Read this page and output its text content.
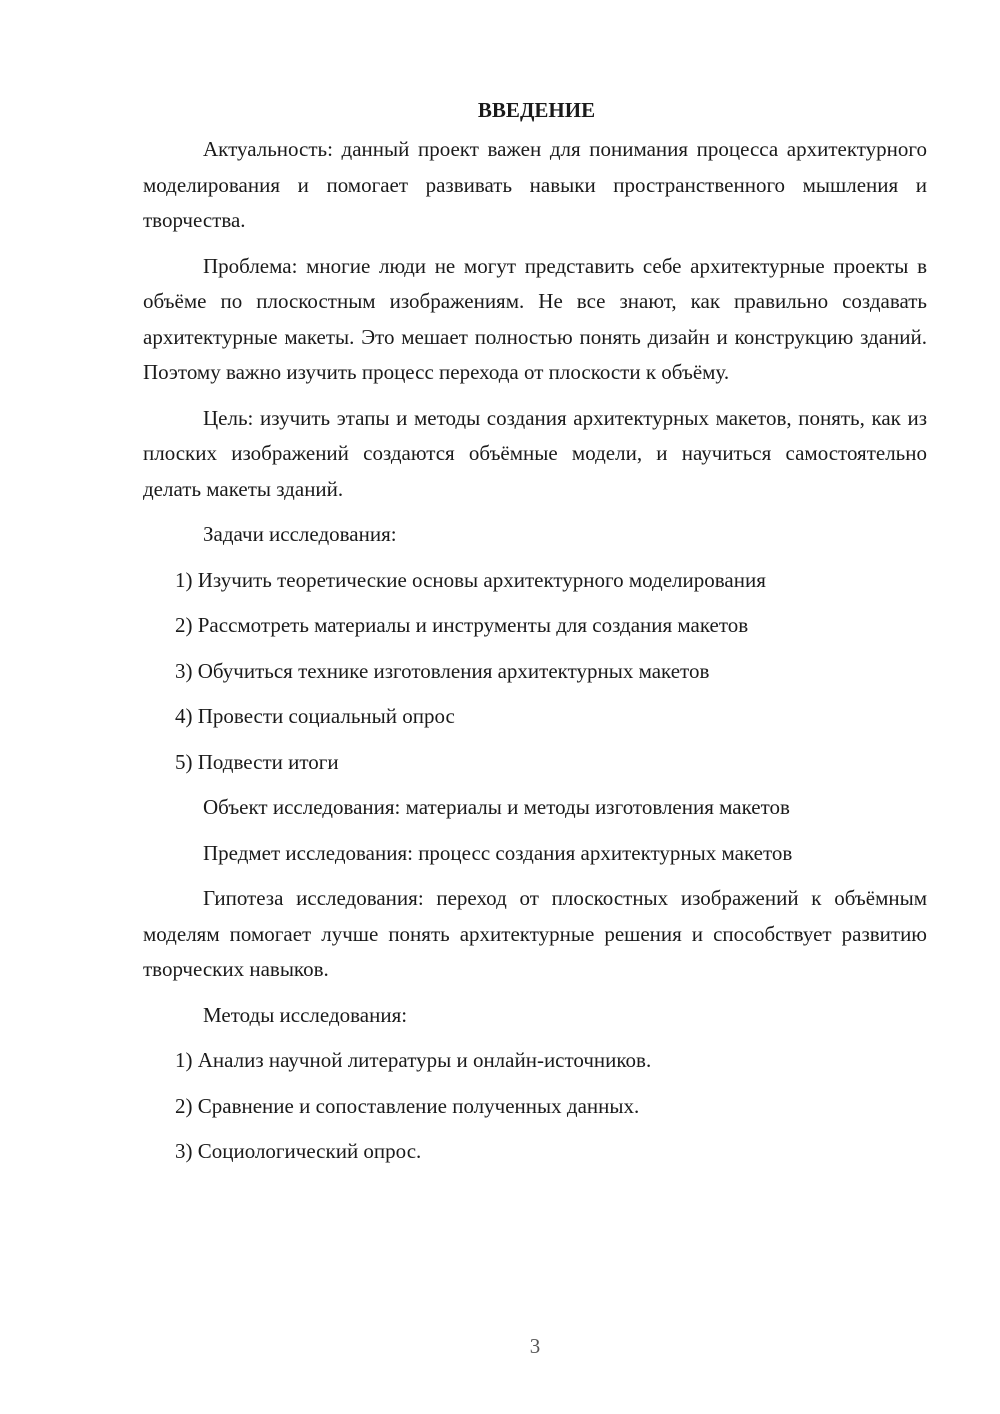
ВВЕДЕНИЕ

Актуальность: данный проект важен для понимания процесса архитектурного моделирования и помогает развивать навыки пространственного мышления и творчества.

Проблема: многие люди не могут представить себе архитектурные проекты в объёме по плоскостным изображениям. Не все знают, как правильно создавать архитектурные макеты. Это мешает полностью понять дизайн и конструкцию зданий. Поэтому важно изучить процесс перехода от плоскости к объёму.

Цель: изучить этапы и методы создания архитектурных макетов, понять, как из плоских изображений создаются объёмные модели, и научиться самостоятельно делать макеты зданий.

Задачи исследования:

1) Изучить теоретические основы архитектурного моделирования
2) Рассмотреть материалы и инструменты для создания макетов
3) Обучиться технике изготовления архитектурных макетов
4) Провести социальный опрос
5) Подвести итоги

Объект исследования: материалы и методы изготовления макетов

Предмет исследования: процесс создания архитектурных макетов

Гипотеза исследования: переход от плоскостных изображений к объёмным моделям помогает лучше понять архитектурные решения и способствует развитию творческих навыков.

Методы исследования:

1) Анализ научной литературы и онлайн-источников.
2) Сравнение и сопоставление полученных данных.
3) Социологический опрос.
3
